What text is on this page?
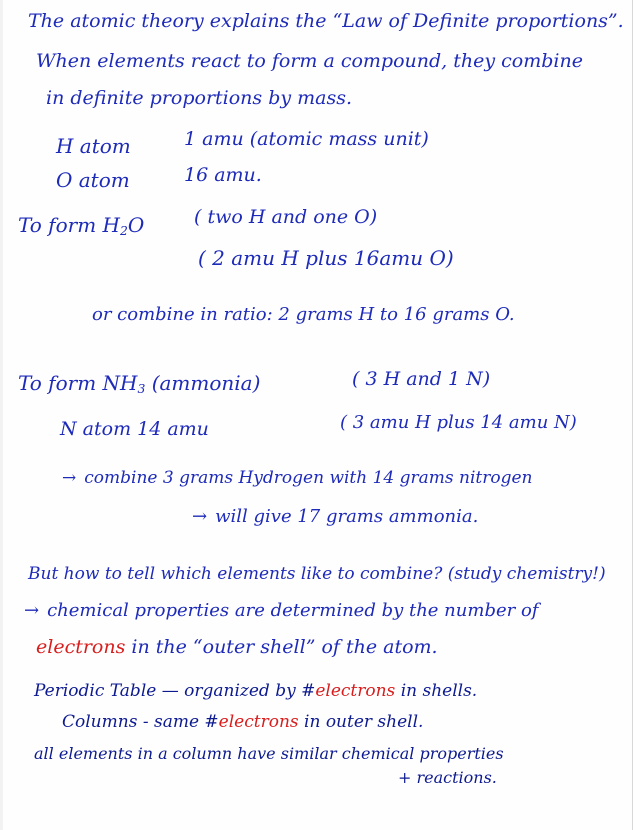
The atomic theory explains the “Law of Definite proportions”.
When elements react to form a compound, they combine
in definite proportions by mass.
H atom	1 amu (atomic mass unit)
O atom	16 amu.
To form $H_2O$	( two H and one O)
( 2 amu H plus 16amu O)
or combine in ratio: 2 grams H to 16 grams O.
To form $NH_3$ (ammonia)	( 3 H and 1 N)
N atom 14 amu	( 3 amu H plus 14 amu N)
→ combine 3 grams Hydrogen with 14 grams nitrogen
→ will give 17 grams ammonia.
But how to tell which elements like to combine? (study chemistry!)
→ chemical properties are determined by the number of
electrons in the “outer shell” of the atom.
Periodic Table — organized by #electrons in shells.
Columns - same #electrons in outer shell.
all elements in a column have similar chemical properties
+ reactions.
